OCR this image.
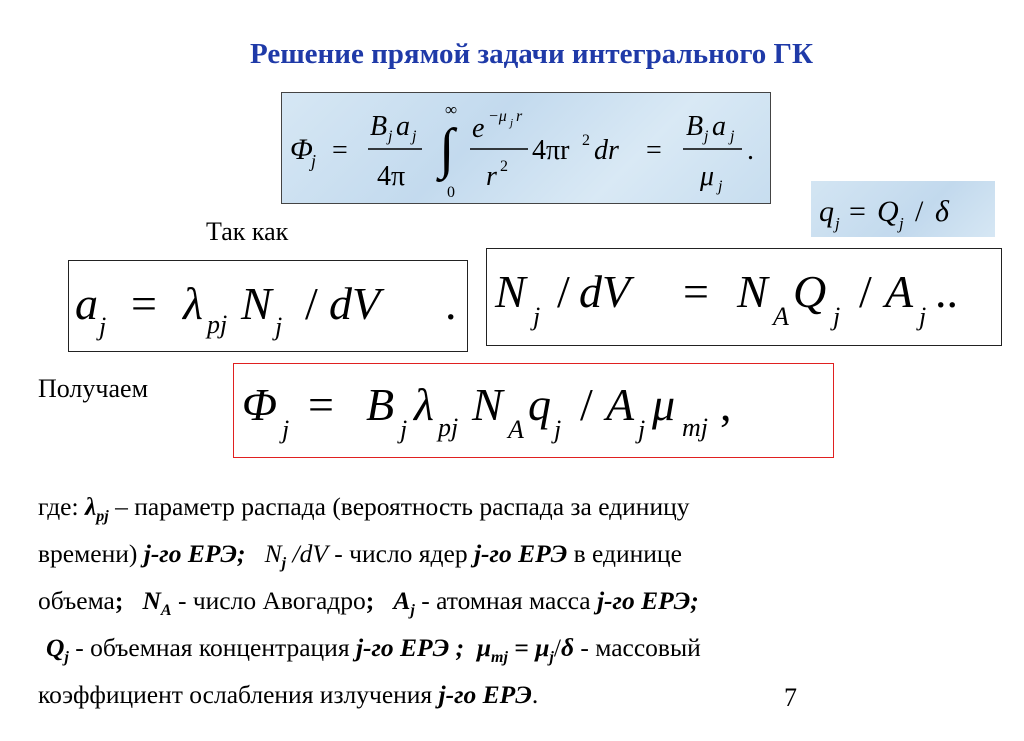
Решение прямой задачи интегрального ГК
Φ
j =
B j a j
4π ∫
∞
0
e −μ j r
r 2
4πr 2 dr =
B j a j
μ j
.
q j = Q j / δ
Так как
a j = λ pj N j / dV . N j / dV = N A Q j / A j ..
Получаем Φ j = B j λ pj N A q j / A j μ mj ,
где: $\lambda_{pj}$ – параметр распада (вероятность распада за единицу
времени) j-го ЕРЭ; $N_j$ /dV - число ядер j-го ЕРЭ в единице
объема; $N_A$ - число Авогадро; $A_j$ - атомная масса j-го ЕРЭ;
$Q_j$ - объемная концентрация j-го ЕРЭ ; $\mu_{mj} = \mu_j/\delta$ - массовый
коэффициент ослабления излучения j-го ЕРЭ.	7
